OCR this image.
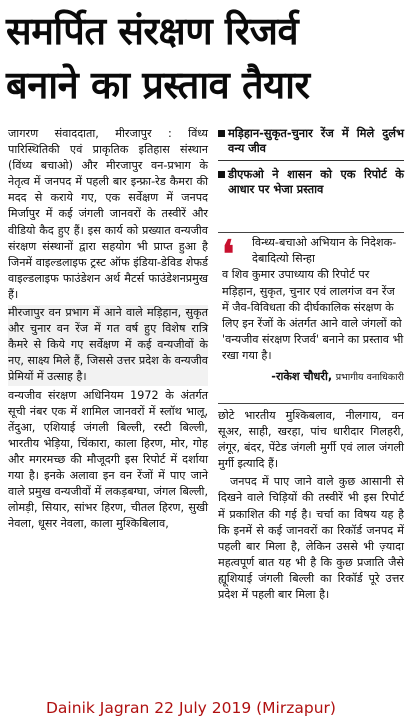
समर्पित संरक्षण रिजर्व
बनाने का प्रस्ताव तैयार

जागरण संवाददाता, मीरजापुर : विंध्य पारिस्थितिकी एवं प्राकृतिक इतिहास संस्थान (विंध्य बचाओ) और मीरजापुर वन-प्रभाग के नेतृत्व में जनपद में पहली बार इन्फ्रा-रेड कैमरा की मदद से कराये गए, एक सर्वेक्षण में जनपद मिर्जापुर में कई जंगली जानवरों के तस्वीरें और वीडियो कैद हुए हैं। इस कार्य को प्रख्यात वन्यजीव संरक्षण संस्थानों द्वारा सहयोग भी प्राप्त हुआ है जिनमें वाइल्डलाइफ ट्रस्ट ऑफ इंडिया-डेविड शेफर्ड वाइल्डलाइफ फाउंडेशन अर्थ मैटर्स फाउंडेशनप्रमुख हैं।

मीरजापुर वन प्रभाग में आने वाले मड़िहान, सुकृत और चुनार वन रेंज में गत वर्ष हुए विशेष रात्रि कैमरे से किये गए सर्वेक्षण में कई वन्यजीवों के नए, साक्ष्य मिले हैं, जिससे उत्तर प्रदेश के वन्यजीव प्रेमियों में उत्साह है।

वन्यजीव संरक्षण अधिनियम 1972 के अंतर्गत सूची नंबर एक में शामिल जानवरों में स्लॉथ भालू, तेंदुआ, एशियाई जंगली बिल्ली, रस्टी बिल्ली, भारतीय भेड़िया, चिंकारा, काला हिरण, मोर, गोह और मगरमच्छ की मौजूदगी इस रिपोर्ट में दर्शाया गया है। इनके अलावा इन वन रेंजों में पाए जाने वाले प्रमुख वन्यजीवों में लकड़बग्घा, जंगल बिल्ली, लोमड़ी, सियार, सांभर हिरण, चीतल हिरण, सुखी नेवला, धूसर नेवला, काला मुश्किबिलाव,

मड़िहान-सुकृत-चुनार रेंज में मिले दुर्लभ वन्य जीव
डीएफओ ने शासन को एक रिपोर्ट के आधार पर भेजा प्रस्ताव
❛ विन्ध्य-बचाओ अभियान के निदेशक- देबादित्यो सिन्हा
व शिव कुमार उपाध्याय की रिपोर्ट पर मड़िहान, सुकृत, चुनार एवं लालगंज वन रेंज में जैव-विविधता की दीर्घकालिक संरक्षण के लिए इन रेंजों के अंतर्गत आने वाले जंगलों को 'वन्यजीव संरक्षण रिजर्व' बनाने का प्रस्ताव भी रखा गया है।
-राकेश चौधरी, प्रभागीय वनाधिकारी

छोटे भारतीय मुश्किबलाव, नीलगाय, वन सूअर, साही, खरहा, पांच धारीदार गिलहरी, लंगूर, बंदर, पेंटेड जंगली मुर्गी एवं लाल जंगली मुर्गी इत्यादि हैं।

जनपद में पाए जाने वाले कुछ आसानी से दिखने वाले चिड़ियों की तस्वीरें भी इस रिपोर्ट में प्रकाशित की गई है। चर्चा का विषय यह है कि इनमें से कई जानवरों का रिकॉर्ड जनपद में पहली बार मिला है, लेकिन उससे भी ज़्यादा महत्वपूर्ण बात यह भी है कि कुछ प्रजाति जैसे ह्यूशियाई जंगली बिल्ली का रिकॉर्ड पूरे उत्तर प्रदेश में पहली बार मिला है।

Dainik Jagran 22 July 2019 (Mirzapur)
